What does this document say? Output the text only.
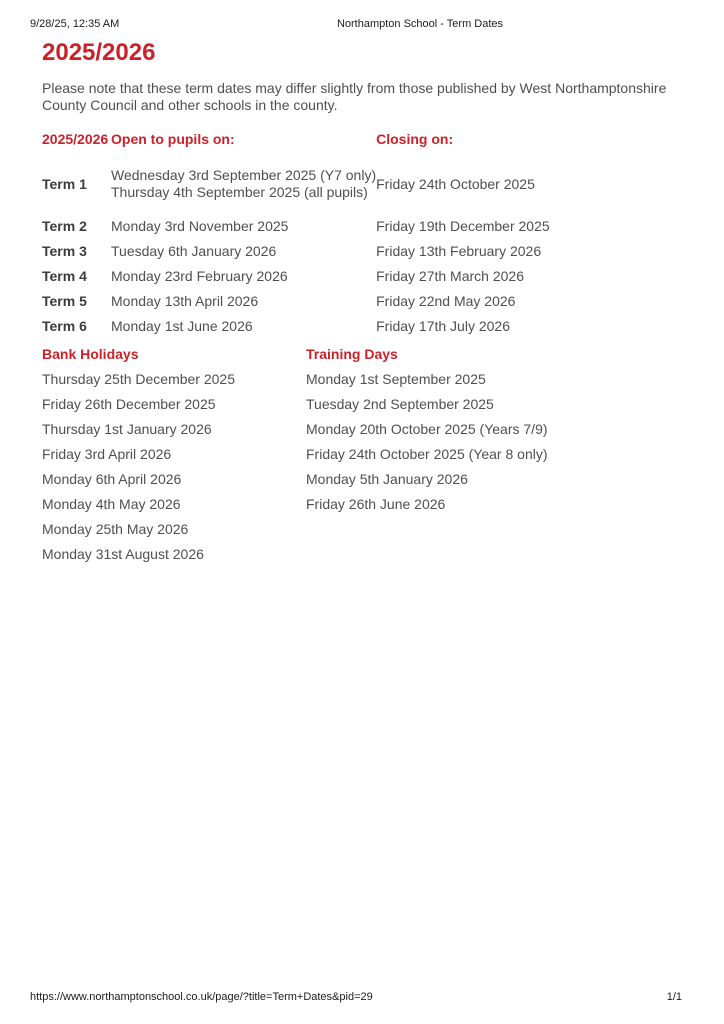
9/28/25, 12:35 AM	Northampton School - Term Dates
2025/2026

Please note that these term dates may differ slightly from those published by West Northamptonshire County Council and other schools in the county.

2025/2026	Open to pupils on:	Closing on:
Term 1	Wednesday 3rd September 2025 (Y7 only)
Thursday 4th September 2025 (all pupils)	Friday 24th October 2025
Term 2	Monday 3rd November 2025	Friday 19th December 2025
Term 3	Tuesday 6th January 2026	Friday 13th February 2026
Term 4	Monday 23rd February 2026	Friday 27th March 2026
Term 5	Monday 13th April 2026	Friday 22nd May 2026
Term 6	Monday 1st June 2026	Friday 17th July 2026
Bank Holidays	Training Days
Thursday 25th December 2025	Monday 1st September 2025
Friday 26th December 2025	Tuesday 2nd September 2025
Thursday 1st January 2026	Monday 20th October 2025 (Years 7/9)
Friday 3rd April 2026	Friday 24th October 2025 (Year 8 only)
Monday 6th April 2026	Monday 5th January 2026
Monday 4th May 2026	Friday 26th June 2026
Monday 25th May 2026	
Monday 31st August 2026	
https://www.northamptonschool.co.uk/page/?title=Term+Dates&pid=29	1/1
